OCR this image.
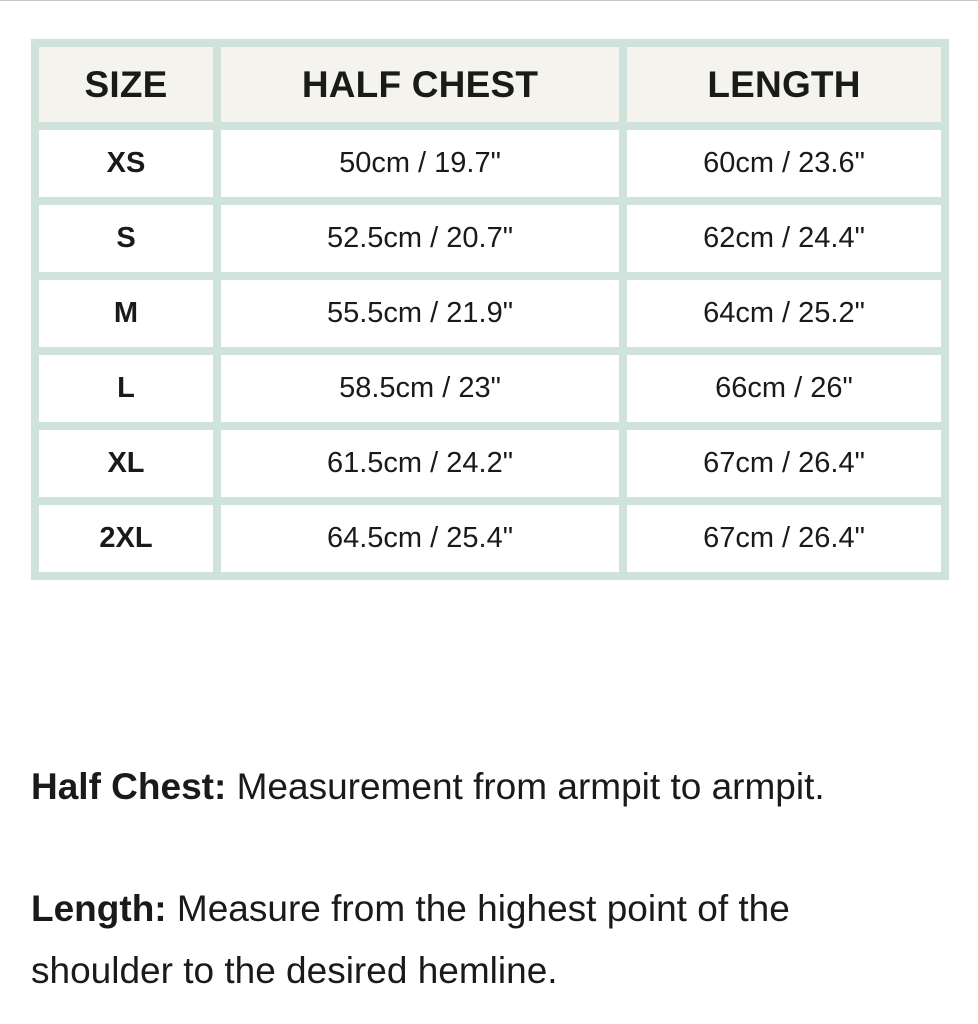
SIZE	HALF CHEST	LENGTH
XS	50cm / 19.7"	60cm / 23.6"
S	52.5cm / 20.7"	62cm / 24.4"
M	55.5cm / 21.9"	64cm / 25.2"
L	58.5cm / 23"	66cm / 26"
XL	61.5cm / 24.2"	67cm / 26.4"
2XL	64.5cm / 25.4"	67cm / 26.4"

Half Chest: Measurement from armpit to armpit.

Length: Measure from the highest point of the shoulder to the desired hemline.
